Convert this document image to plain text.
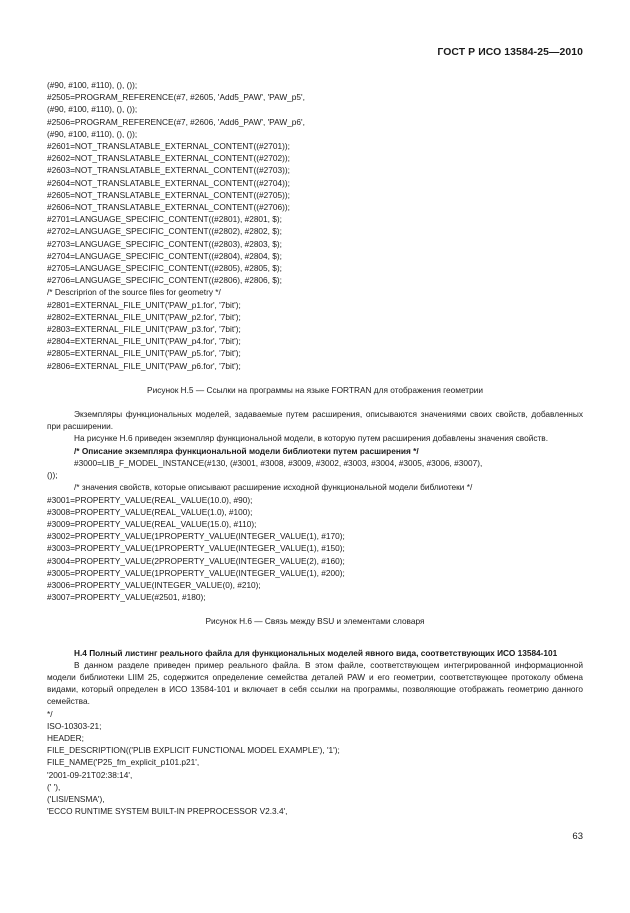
ГОСТ Р ИСО 13584-25—2010
(#90, #100, #110), (), ());
#2505=PROGRAM_REFERENCE(#7, #2605, 'Add5_PAW', 'PAW_p5',
(#90, #100, #110), (), ());
#2506=PROGRAM_REFERENCE(#7, #2606, 'Add6_PAW', 'PAW_p6',
(#90, #100, #110), (), ());
#2601=NOT_TRANSLATABLE_EXTERNAL_CONTENT((#2701));
#2602=NOT_TRANSLATABLE_EXTERNAL_CONTENT((#2702));
#2603=NOT_TRANSLATABLE_EXTERNAL_CONTENT((#2703));
#2604=NOT_TRANSLATABLE_EXTERNAL_CONTENT((#2704));
#2605=NOT_TRANSLATABLE_EXTERNAL_CONTENT((#2705));
#2606=NOT_TRANSLATABLE_EXTERNAL_CONTENT((#2706));
#2701=LANGUAGE_SPECIFIC_CONTENT((#2801), #2801, $);
#2702=LANGUAGE_SPECIFIC_CONTENT((#2802), #2802, $);
#2703=LANGUAGE_SPECIFIC_CONTENT((#2803), #2803, $);
#2704=LANGUAGE_SPECIFIC_CONTENT((#2804), #2804, $);
#2705=LANGUAGE_SPECIFIC_CONTENT((#2805), #2805, $);
#2706=LANGUAGE_SPECIFIC_CONTENT((#2806), #2806, $);
/* Descriprion of the source files for geometry */
#2801=EXTERNAL_FILE_UNIT('PAW_p1.for', '7bit');
#2802=EXTERNAL_FILE_UNIT('PAW_p2.for', '7bit');
#2803=EXTERNAL_FILE_UNIT('PAW_p3.for', '7bit');
#2804=EXTERNAL_FILE_UNIT('PAW_p4.for', '7bit');
#2805=EXTERNAL_FILE_UNIT('PAW_p5.for', '7bit');
#2806=EXTERNAL_FILE_UNIT('PAW_p6.for', '7bit');
Рисунок Н.5 — Ссылки на программы на языке FORTRAN для отображения геометрии
Экземпляры функциональных моделей, задаваемые путем расширения, описываются значениями своих свойств, добавленных при расширении.
На рисунке Н.6 приведен экземпляр функциональной модели, в которую путем расширения добавлены значения свойств.
/* Описание экземпляра функциональной модели библиотеки путем расширения */
#3000=LIB_F_MODEL_INSTANCE(#130, (#3001, #3008, #3009, #3002, #3003, #3004, #3005, #3006, #3007),
());
/* значения свойств, которые описывают расширение исходной функциональной модели библиотеки */
#3001=PROPERTY_VALUE(REAL_VALUE(10.0), #90);
#3008=PROPERTY_VALUE(REAL_VALUE(1.0), #100);
#3009=PROPERTY_VALUE(REAL_VALUE(15.0), #110);
#3002=PROPERTY_VALUE(1PROPERTY_VALUE(INTEGER_VALUE(1), #170);
#3003=PROPERTY_VALUE(1PROPERTY_VALUE(INTEGER_VALUE(1), #150);
#3004=PROPERTY_VALUE(2PROPERTY_VALUE(INTEGER_VALUE(2), #160);
#3005=PROPERTY_VALUE(1PROPERTY_VALUE(INTEGER_VALUE(1), #200);
#3006=PROPERTY_VALUE(INTEGER_VALUE(0), #210);
#3007=PROPERTY_VALUE(#2501, #180);
Рисунок Н.6 — Связь между BSU и элементами словаря
Н.4 Полный листинг реального файла для функциональных моделей явного вида, соответствующих ИСО 13584-101
В данном разделе приведен пример реального файла. В этом файле, соответствующем интегрированной информационной модели библиотеки LIIM 25, содержится определение семейства деталей PAW и его геометрии, соответствующее протоколу обмена видами, который определен в ИСО 13584-101 и включает в себя ссылки на программы, позволяющие отображать геометрию данного семейства.
*/
ISO-10303-21;
HEADER;
FILE_DESCRIPTION(('PLIB EXPLICIT FUNCTIONAL MODEL EXAMPLE'), '1');
FILE_NAME('P25_fm_explicit_p101.p21',
'2001-09-21T02:38:14',
(' '),
('LISI/ENSMA'),
'ECCO RUNTIME SYSTEM BUILT-IN PREPROCESSOR V2.3.4',
63
